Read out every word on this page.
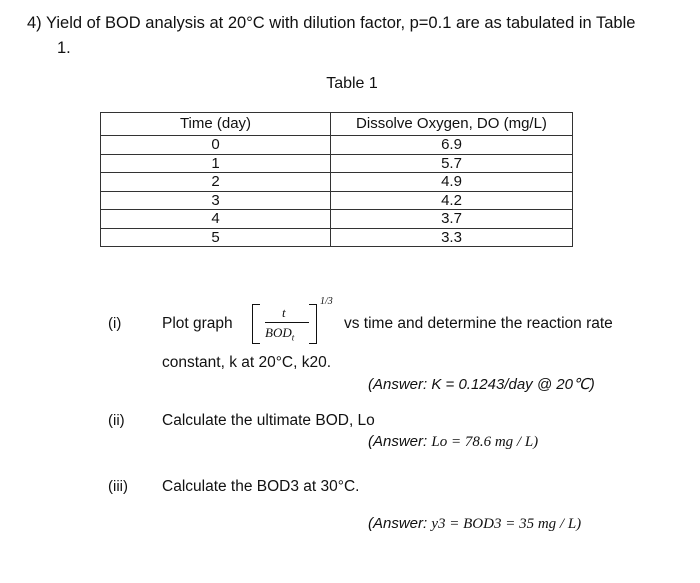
4) Yield of BOD analysis at 20°C with dilution factor, p=0.1 are as tabulated in Table
1.
Table 1
Time (day)	Dissolve Oxygen, DO (mg/L)
0	6.9
1	5.7
2	4.9
3	4.2
4	3.7
5	3.3
(i)	Plot graph
t
$BOD_t$
1/3
vs time and determine the reaction rate
constant, k at 20°C, k20.
(Answer: K = 0.1243/day @ 20℃)
(ii) Calculate the ultimate BOD, Lo
(Answer: Lo = 78.6 mg / L)
(iii) Calculate the BOD3 at 30°C.
(Answer: y3 = BOD3 = 35 mg / L)
